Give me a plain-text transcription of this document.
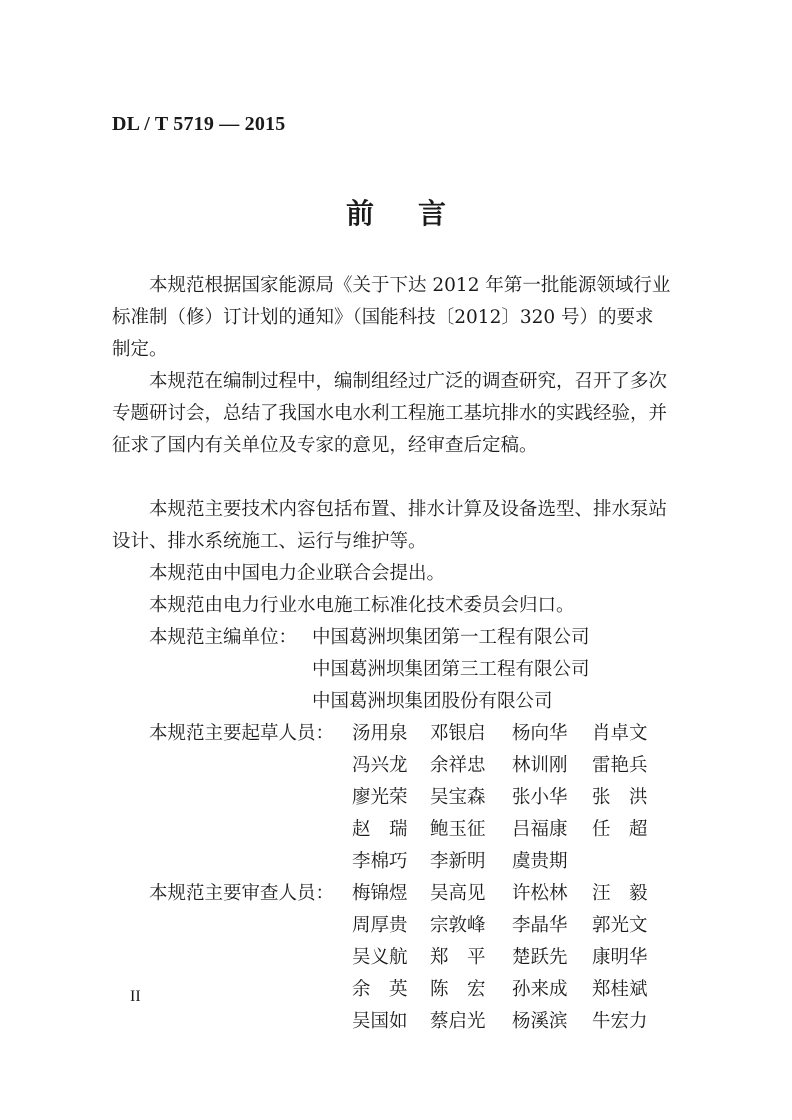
DL / T 5719 — 2015
前言

本规范根据国家能源局《关于下达 2012 年第一批能源领域行业标准制（修）订计划的通知》（国能科技〔2012〕320 号）的要求制定。

本规范在编制过程中，编制组经过广泛的调查研究，召开了多次专题研讨会，总结了我国水电水利工程施工基坑排水的实践经验，并征求了国内有关单位及专家的意见，经审查后定稿。

本规范主要技术内容包括布置、排水计算及设备选型、排水泵站设计、排水系统施工、运行与维护等。

本规范由中国电力企业联合会提出。

本规范由电力行业水电施工标准化技术委员会归口。

本规范主编单位： 中国葛洲坝集团第一工程有限公司
中国葛洲坝集团第三工程有限公司
中国葛洲坝集团股份有限公司
本规范主要起草人员： 汤用泉 邓银启 杨向华 肖卓文
冯兴龙 余祥忠 林训刚 雷艳兵
廖光荣 吴宝森 张小华 张　洪
赵　瑞 鲍玉征 吕福康 任　超
李棉巧 李新明 虞贵期
本规范主要审查人员： 梅锦煜 吴高见 许松林 汪　毅
周厚贵 宗敦峰 李晶华 郭光文
吴义航 郑　平 楚跃先 康明华
余　英 陈　宏 孙来成 郑桂斌
吴国如 蔡启光 杨溪滨 牛宏力
II
